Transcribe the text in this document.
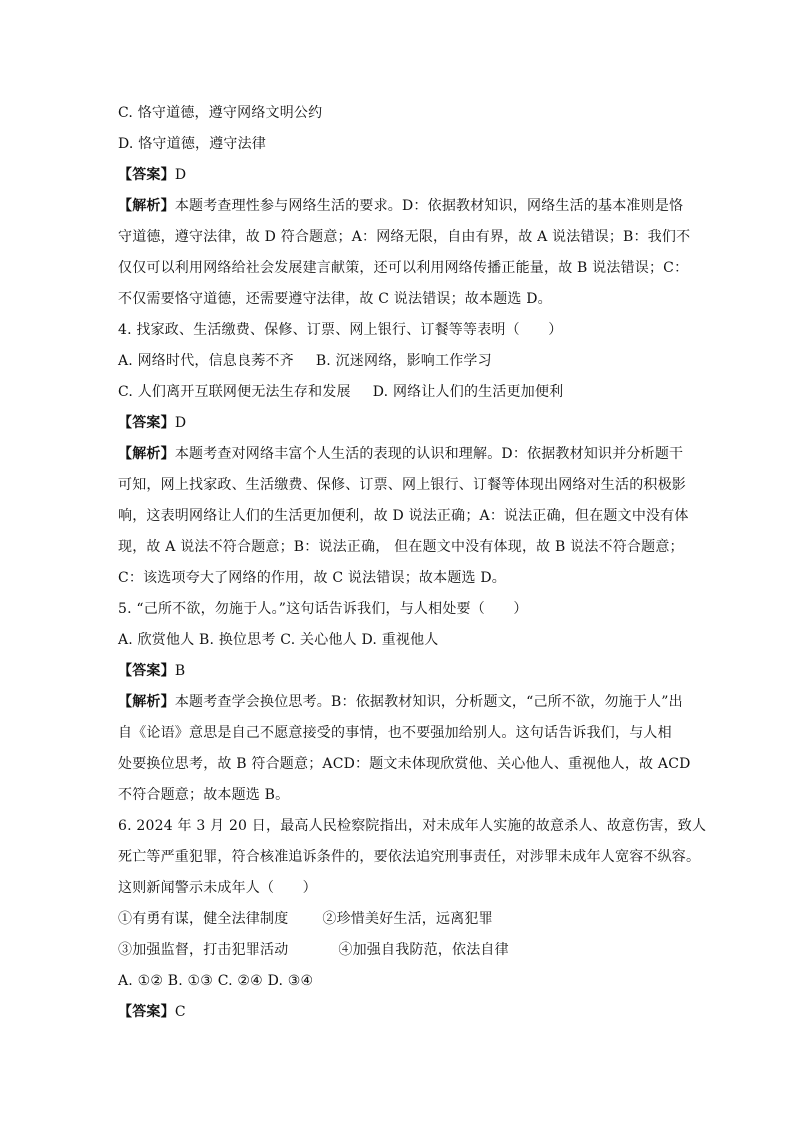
C. 恪守道德，遵守网络文明公约
D. 恪守道德，遵守法律
【答案】D
【解析】本题考查理性参与网络生活的要求。D：依据教材知识，网络生活的基本准则是恪
守道德，遵守法律，故 D 符合题意；A：网络无限，自由有界，故 A 说法错误；B：我们不
仅仅可以利用网络给社会发展建言献策，还可以利用网络传播正能量，故 B 说法错误；C：
不仅需要恪守道德，还需要遵守法律，故 C 说法错误；故本题选 D。
4. 找家政、生活缴费、保修、订票、网上银行、订餐等等表明（　　）
A. 网络时代，信息良莠不齐 B. 沉迷网络，影响工作学习
C. 人们离开互联网便无法生存和发展 D. 网络让人们的生活更加便利
【答案】D
【解析】本题考查对网络丰富个人生活的表现的认识和理解。D：依据教材知识并分析题干
可知，网上找家政、生活缴费、保修、订票、网上银行、订餐等体现出网络对生活的积极影
响，这表明网络让人们的生活更加便利，故 D 说法正确；A：说法正确，但在题文中没有体
现，故 A 说法不符合题意；B：说法正确， 但在题文中没有体现，故 B 说法不符合题意；
C：该选项夸大了网络的作用，故 C 说法错误；故本题选 D。
5. “己所不欲，勿施于人。”这句话告诉我们，与人相处要（　　）
A. 欣赏他人 B. 换位思考 C. 关心他人 D. 重视他人
【答案】B
【解析】本题考查学会换位思考。B：依据教材知识，分析题文，“己所不欲，勿施于人”出
自《论语》意思是自己不愿意接受的事情，也不要强加给别人。这句话告诉我们，与人相
处要换位思考，故 B 符合题意；ACD：题文未体现欣赏他、关心他人、重视他人，故 ACD
不符合题意；故本题选 B。
6. 2024 年 3 月 20 日，最高人民检察院指出，对未成年人实施的故意杀人、故意伤害，致人
死亡等严重犯罪，符合核准追诉条件的，要依法追究刑事责任，对涉罪未成年人宽容不纵容。
这则新闻警示未成年人（　　）
①有勇有谋，健全法律制度 ②珍惜美好生活，远离犯罪
③加强监督，打击犯罪活动	④加强自我防范，依法自律
A. ①② B. ①③ C. ②④ D. ③④
【答案】C
